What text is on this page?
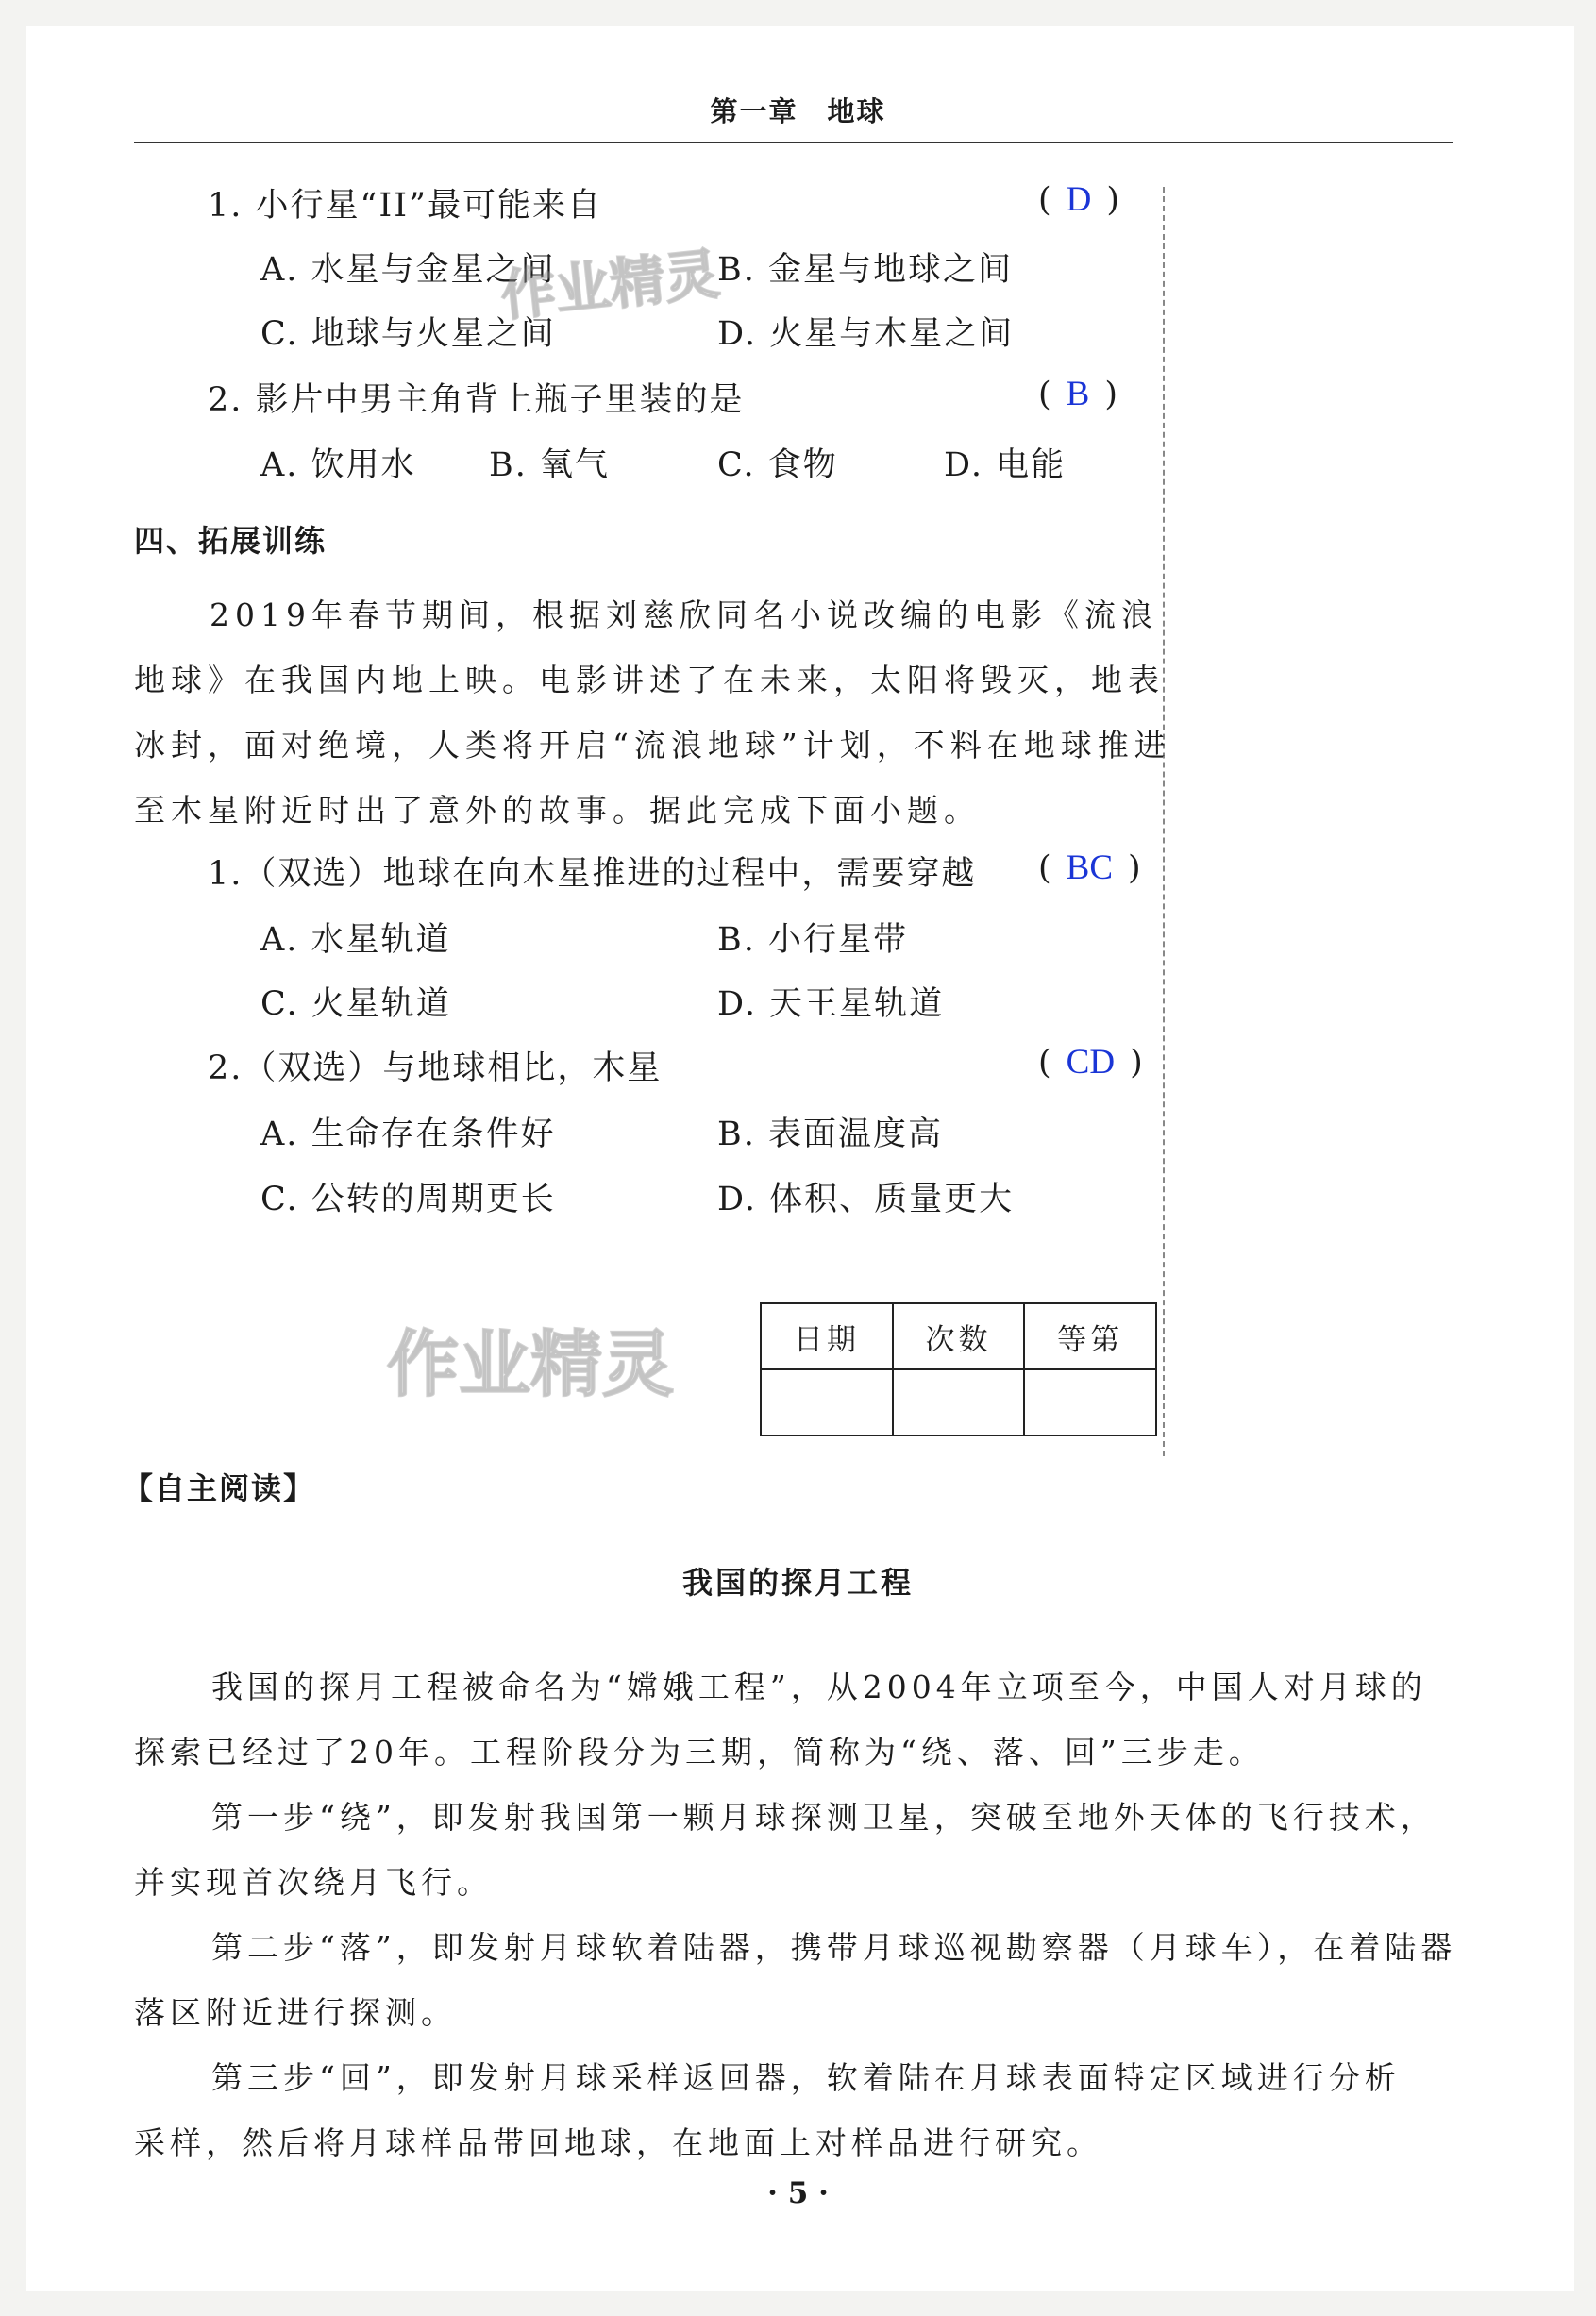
第一章　地球
1. 小行星“II”最可能来自	( D )
A. 水星与金星之间	B. 金星与地球之间
C. 地球与火星之间	D. 火星与木星之间
2. 影片中男主角背上瓶子里装的是	( B )
A. 饮用水 B. 氧气	C. 食物	D. 电能
四、拓展训练
2019年春节期间，根据刘慈欣同名小说改编的电影《流浪
地球》在我国内地上映。电影讲述了在未来，太阳将毁灭，地表
冰封，面对绝境，人类将开启“流浪地球”计划，不料在地球推进
至木星附近时出了意外的故事。据此完成下面小题。
1.（双选）地球在向木星推进的过程中，需要穿越 ( BC )
A. 水星轨道	B. 小行星带
C. 火星轨道	D. 天王星轨道
2.（双选）与地球相比，木星	( CD )
A. 生命存在条件好	B. 表面温度高
C. 公转的周期更长	D. 体积、质量更大
作业精灵
作业精灵	日期	次数	等第

【自主阅读】
我国的探月工程
我国的探月工程被命名为“嫦娥工程”，从2004年立项至今，中国人对月球的
探索已经过了20年。工程阶段分为三期，简称为“绕、落、回”三步走。
第一步“绕”，即发射我国第一颗月球探测卫星，突破至地外天体的飞行技术，
并实现首次绕月飞行。
第二步“落”，即发射月球软着陆器，携带月球巡视勘察器（月球车），在着陆器
落区附近进行探测。
第三步“回”，即发射月球采样返回器，软着陆在月球表面特定区域进行分析
采样，然后将月球样品带回地球，在地面上对样品进行研究。
· 5 ·
